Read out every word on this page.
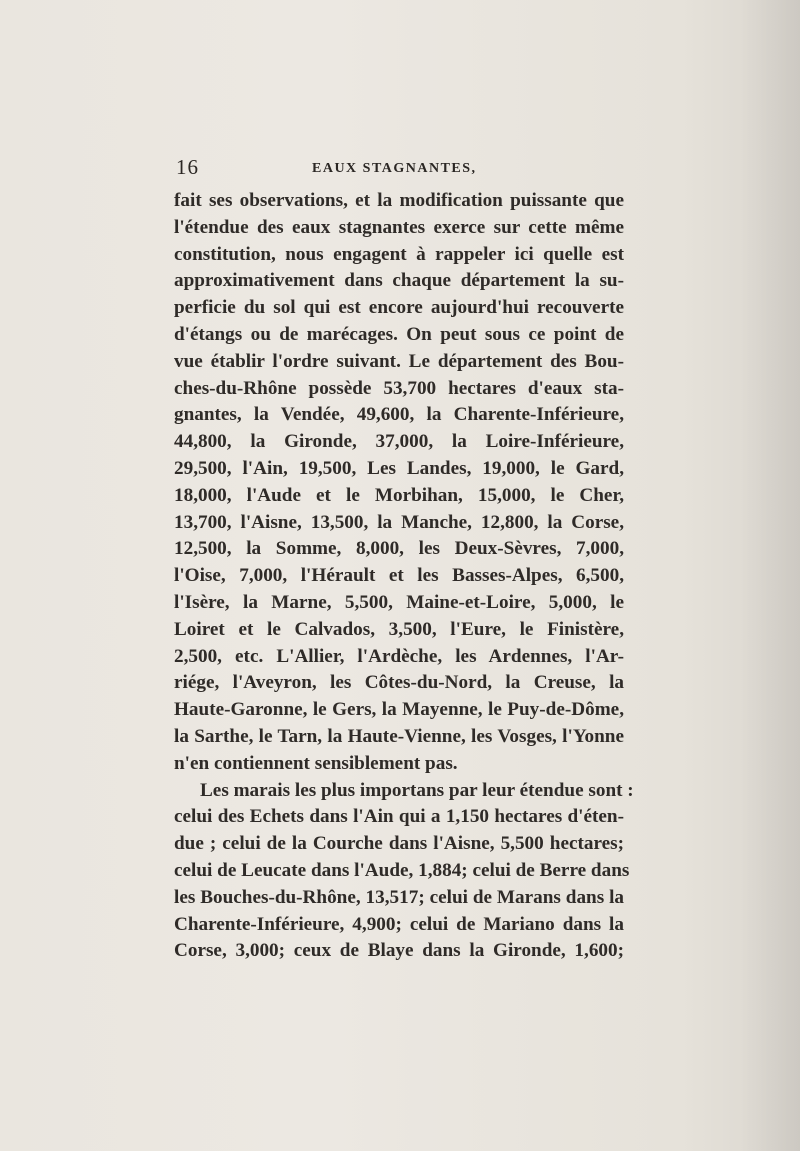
16	EAUX STAGNANTES,
fait ses observations, et la modification puissante que
l'étendue des eaux stagnantes exerce sur cette même
constitution, nous engagent à rappeler ici quelle est
approximativement dans chaque département la su-
perficie du sol qui est encore aujourd'hui recouverte
d'étangs ou de marécages. On peut sous ce point de
vue établir l'ordre suivant. Le département des Bou-
ches-du-Rhône possède 53,700 hectares d'eaux sta-
gnantes, la Vendée, 49,600, la Charente-Inférieure,
44,800, la Gironde, 37,000, la Loire-Inférieure,
29,500, l'Ain, 19,500, Les Landes, 19,000, le Gard,
18,000, l'Aude et le Morbihan, 15,000, le Cher,
13,700, l'Aisne, 13,500, la Manche, 12,800, la Corse,
12,500, la Somme, 8,000, les Deux-Sèvres, 7,000,
l'Oise, 7,000, l'Hérault et les Basses-Alpes, 6,500,
l'Isère, la Marne, 5,500, Maine-et-Loire, 5,000, le
Loiret et le Calvados, 3,500, l'Eure, le Finistère,
2,500, etc. L'Allier, l'Ardèche, les Ardennes, l'Ar-
riége, l'Aveyron, les Côtes-du-Nord, la Creuse, la
Haute-Garonne, le Gers, la Mayenne, le Puy-de-Dôme,
la Sarthe, le Tarn, la Haute-Vienne, les Vosges, l'Yonne
n'en contiennent sensiblement pas.
Les marais les plus importans par leur étendue sont :
celui des Echets dans l'Ain qui a 1,150 hectares d'éten-
due ; celui de la Courche dans l'Aisne, 5,500 hectares;
celui de Leucate dans l'Aude, 1,884; celui de Berre dans
les Bouches-du-Rhône, 13,517; celui de Marans dans la
Charente-Inférieure, 4,900; celui de Mariano dans la
Corse, 3,000; ceux de Blaye dans la Gironde, 1,600;
